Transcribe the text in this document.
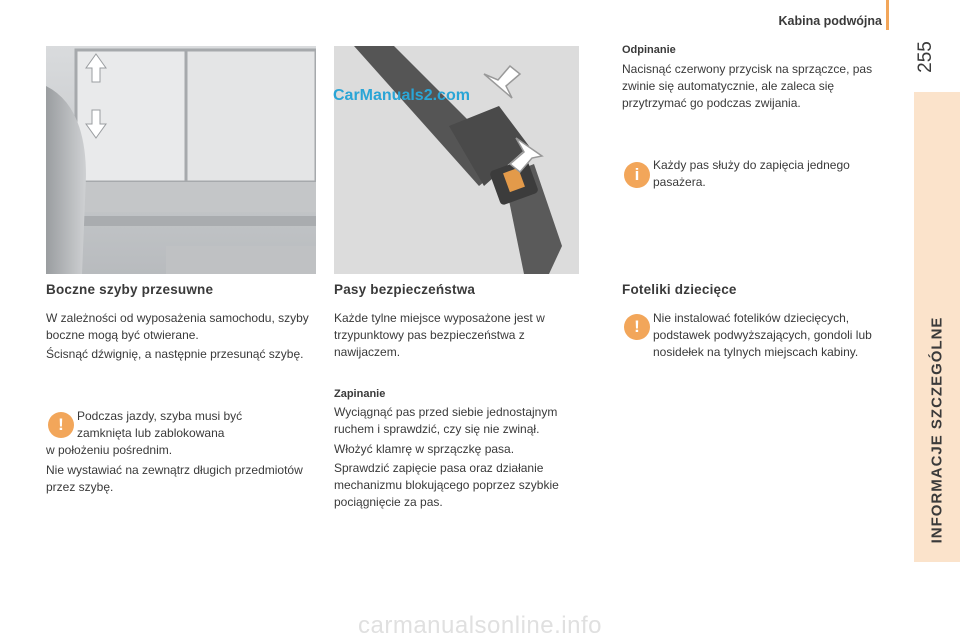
Kabina podwójna
255
INFORMACJE SZCZEGÓLNE
CarManuals2.com
Boczne szyby przesuwne

W zależności od wyposażenia samochodu, szyby boczne mogą być otwierane.

Ścisnąć dźwignię, a następnie przesunąć szybę.

!	Podczas jazdy, szyba musi być zamknięta lub zablokowana

w położeniu pośrednim.

Nie wystawiać na zewnątrz długich przedmiotów przez szybę.

Pasy bezpieczeństwa

Każde tylne miejsce wyposażone jest w trzypunktowy pas bezpieczeństwa z nawijaczem.

Zapinanie

Wyciągnąć pas przed siebie jednostajnym ruchem i sprawdzić, czy się nie zwinął.

Włożyć klamrę w sprzączkę pasa.

Sprawdzić zapięcie pasa oraz działanie mechanizmu blokującego poprzez szybkie pociągnięcie za pas.

Odpinanie

Nacisnąć czerwony przycisk na sprzączce, pas zwinie się automatycznie, ale zaleca się przytrzymać go podczas zwijania.

i	Każdy pas służy do zapięcia jednego pasażera.

Foteliki dziecięce
!	Nie instalować fotelików dziecięcych, podstawek podwyższających, gondoli lub nosidełek na tylnych miejscach kabiny.

carmanualsonline.info
